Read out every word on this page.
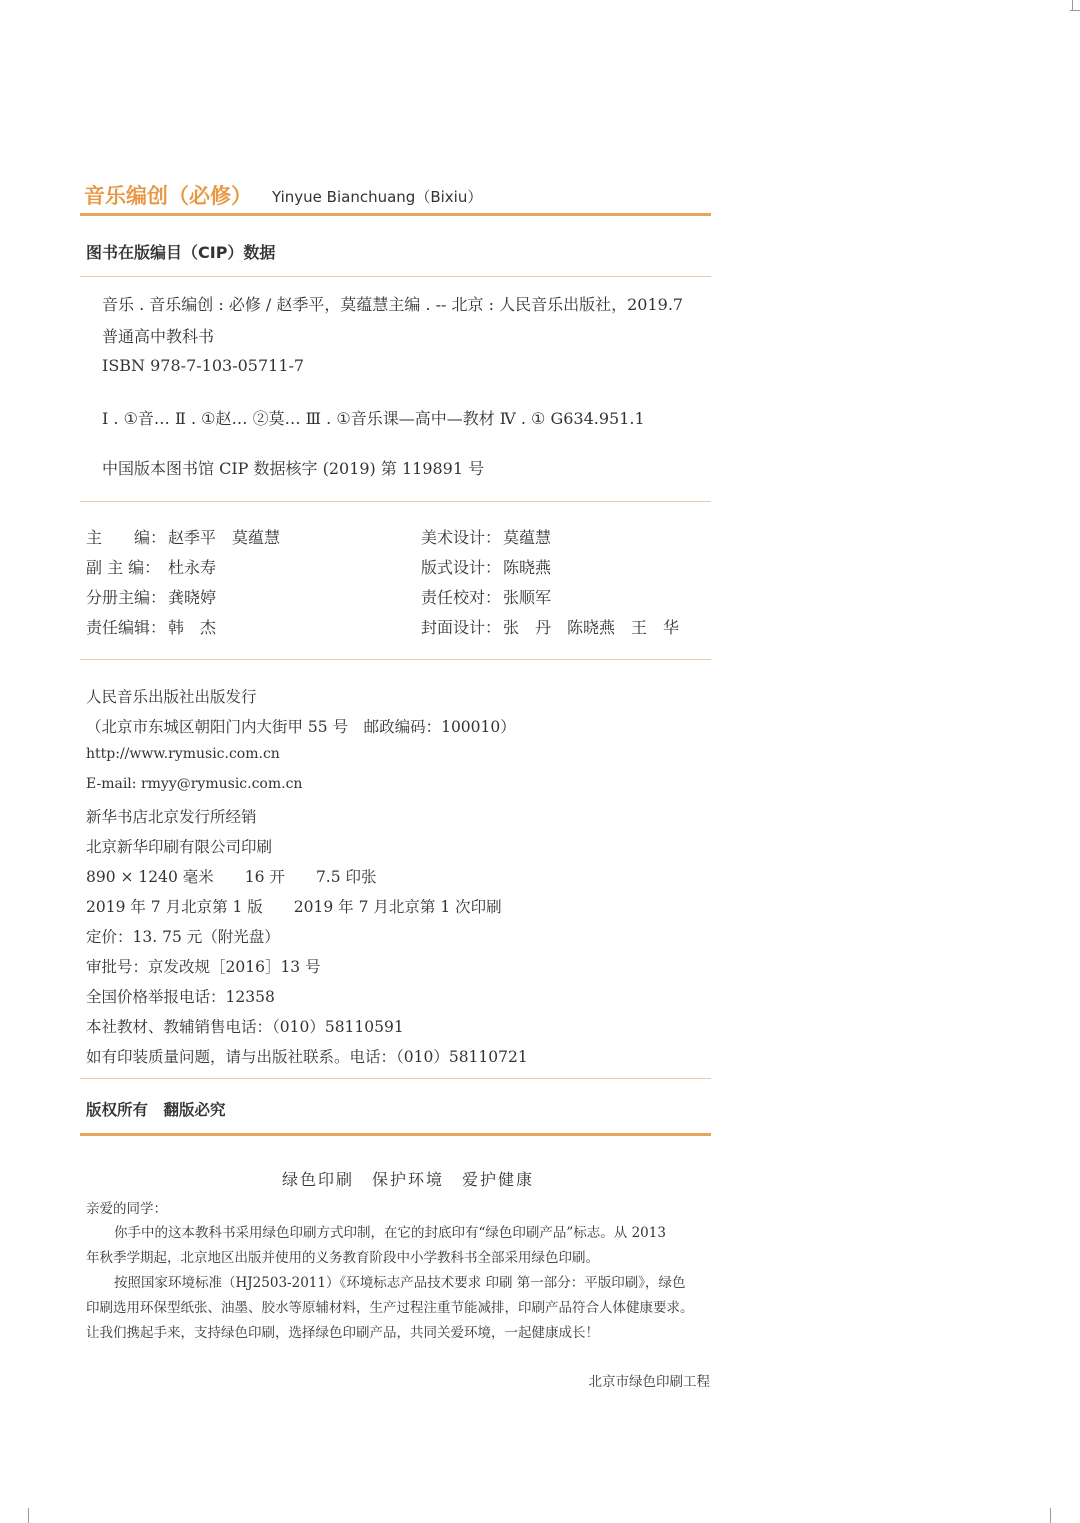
音乐编创（必修） Yinyue Bianchuang（Bixiu）
图书在版编目（CIP）数据
音乐 . 音乐编创 : 必修 / 赵季平，莫蕴慧主编 . -- 北京 : 人民音乐出版社，2019.7
普通高中教科书
ISBN 978-7-103-05711-7
Ⅰ . ①音… Ⅱ . ①赵… ②莫… Ⅲ . ①音乐课—高中—教材 Ⅳ . ① G634.951.1
中国版本图书馆 CIP 数据核字 (2019) 第 119891 号
主　　编： 赵季平　莫蕴慧
副 主 编： 杜永寿
分册主编： 龚晓婷
责任编辑： 韩　杰
美术设计： 莫蕴慧
版式设计： 陈晓燕
责任校对： 张顺军
封面设计： 张　丹　陈晓燕　王　华
人民音乐出版社出版发行
（北京市东城区朝阳门内大街甲 55 号　邮政编码：100010）
http://www.rymusic.com.cn
E-mail: rmyy@rymusic.com.cn
新华书店北京发行所经销
北京新华印刷有限公司印刷
890 × 1240 毫米　　16 开　　7.5 印张
2019 年 7 月北京第 1 版　　2019 年 7 月北京第 1 次印刷
定价：13. 75 元（附光盘）
审批号：京发改规［2016］13 号
全国价格举报电话：12358
本社教材、教辅销售电话：（010）58110591
如有印装质量问题，请与出版社联系。电话：（010）58110721
版权所有　翻版必究
绿色印刷　保护环境　爱护健康
亲爱的同学：
你手中的这本教科书采用绿色印刷方式印制，在它的封底印有“绿色印刷产品”标志。从 2013
年秋季学期起，北京地区出版并使用的义务教育阶段中小学教科书全部采用绿色印刷。
按照国家环境标准（HJ2503-2011）《环境标志产品技术要求 印刷 第一部分：平版印刷》，绿色
印刷选用环保型纸张、油墨、胶水等原辅材料，生产过程注重节能减排，印刷产品符合人体健康要求。
让我们携起手来，支持绿色印刷，选择绿色印刷产品，共同关爱环境，一起健康成长！
北京市绿色印刷工程
